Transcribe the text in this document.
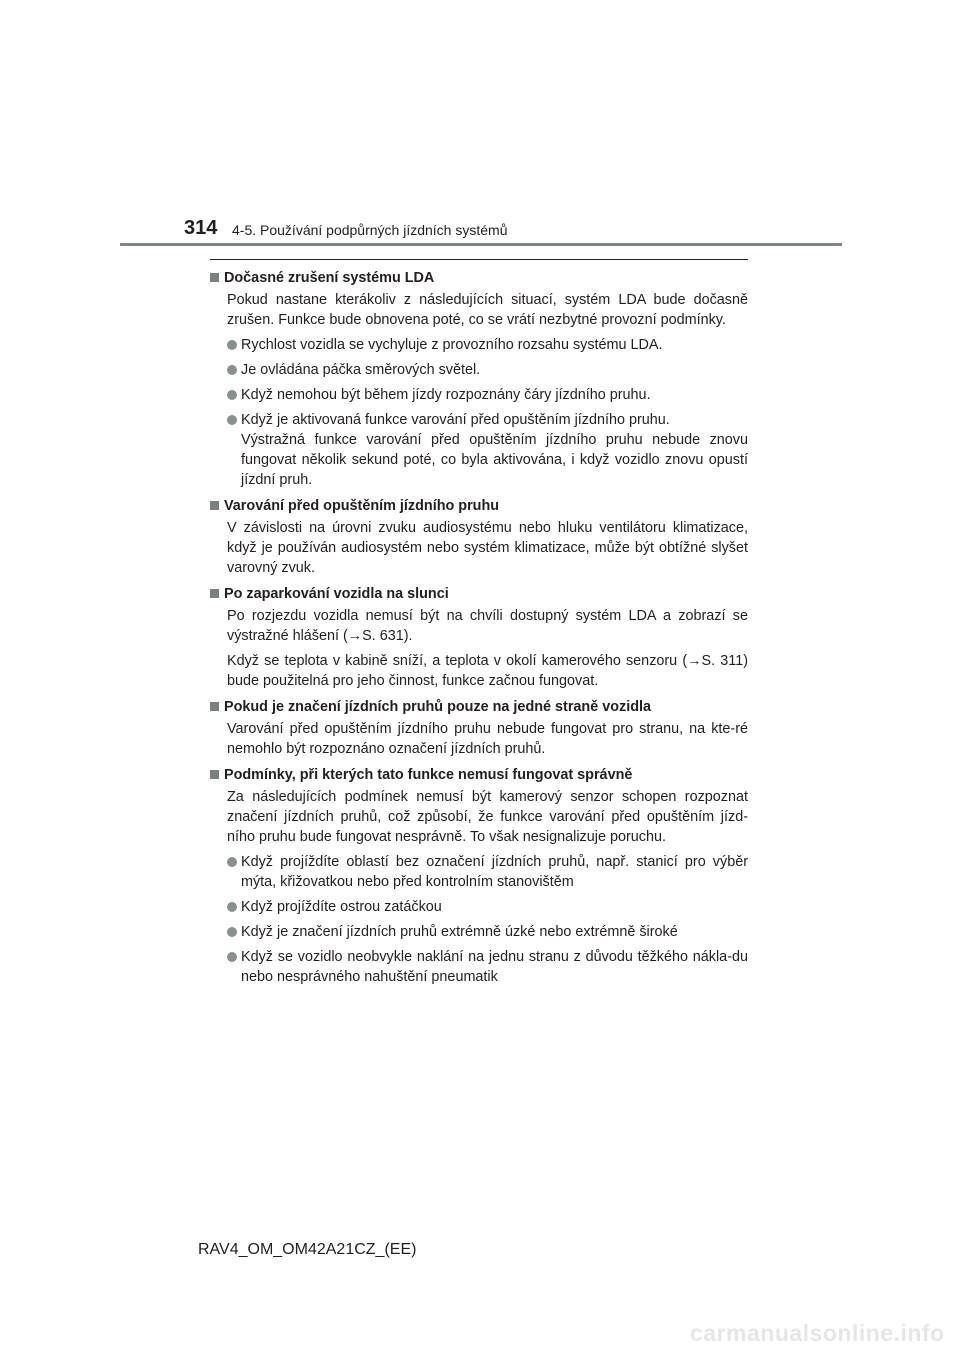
314 4-5. Používání podpůrných jízdních systémů
Dočasné zrušení systému LDA
Pokud nastane kterákoliv z následujících situací, systém LDA bude dočasně zrušen. Funkce bude obnovena poté, co se vrátí nezbytné provozní podmínky.
Rychlost vozidla se vychyluje z provozního rozsahu systému LDA.
Je ovládána páčka směrových světel.
Když nemohou být během jízdy rozpoznány čáry jízdního pruhu.
Když je aktivovaná funkce varování před opuštěním jízdního pruhu.
Výstražná funkce varování před opuštěním jízdního pruhu nebude znovu fungovat několik sekund poté, co byla aktivována, i když vozidlo znovu opustí jízdní pruh.
Varování před opuštěním jízdního pruhu
V závislosti na úrovni zvuku audiosystému nebo hluku ventilátoru klimatizace, když je používán audiosystém nebo systém klimatizace, může být obtížné slyšet varovný zvuk.
Po zaparkování vozidla na slunci
Po rozjezdu vozidla nemusí být na chvíli dostupný systém LDA a zobrazí se výstražné hlášení (→S. 631).
Když se teplota v kabině sníží, a teplota v okolí kamerového senzoru (→S. 311) bude použitelná pro jeho činnost, funkce začnou fungovat.
Pokud je značení jízdních pruhů pouze na jedné straně vozidla
Varování před opuštěním jízdního pruhu nebude fungovat pro stranu, na kte-ré nemohlo být rozpoznáno označení jízdních pruhů.
Podmínky, při kterých tato funkce nemusí fungovat správně
Za následujících podmínek nemusí být kamerový senzor schopen rozpoznat značení jízdních pruhů, což způsobí, že funkce varování před opuštěním jízd-ního pruhu bude fungovat nesprávně. To však nesignalizuje poruchu.
Když projíždíte oblastí bez označení jízdních pruhů, např. stanicí pro výběr mýta, křižovatkou nebo před kontrolním stanovištěm
Když projíždíte ostrou zatáčkou
Když je značení jízdních pruhů extrémně úzké nebo extrémně široké
Když se vozidlo neobvykle naklání na jednu stranu z důvodu těžkého nákla-du nebo nesprávného nahuštění pneumatik
RAV4_OM_OM42A21CZ_(EE)
carmanualsonline.info
